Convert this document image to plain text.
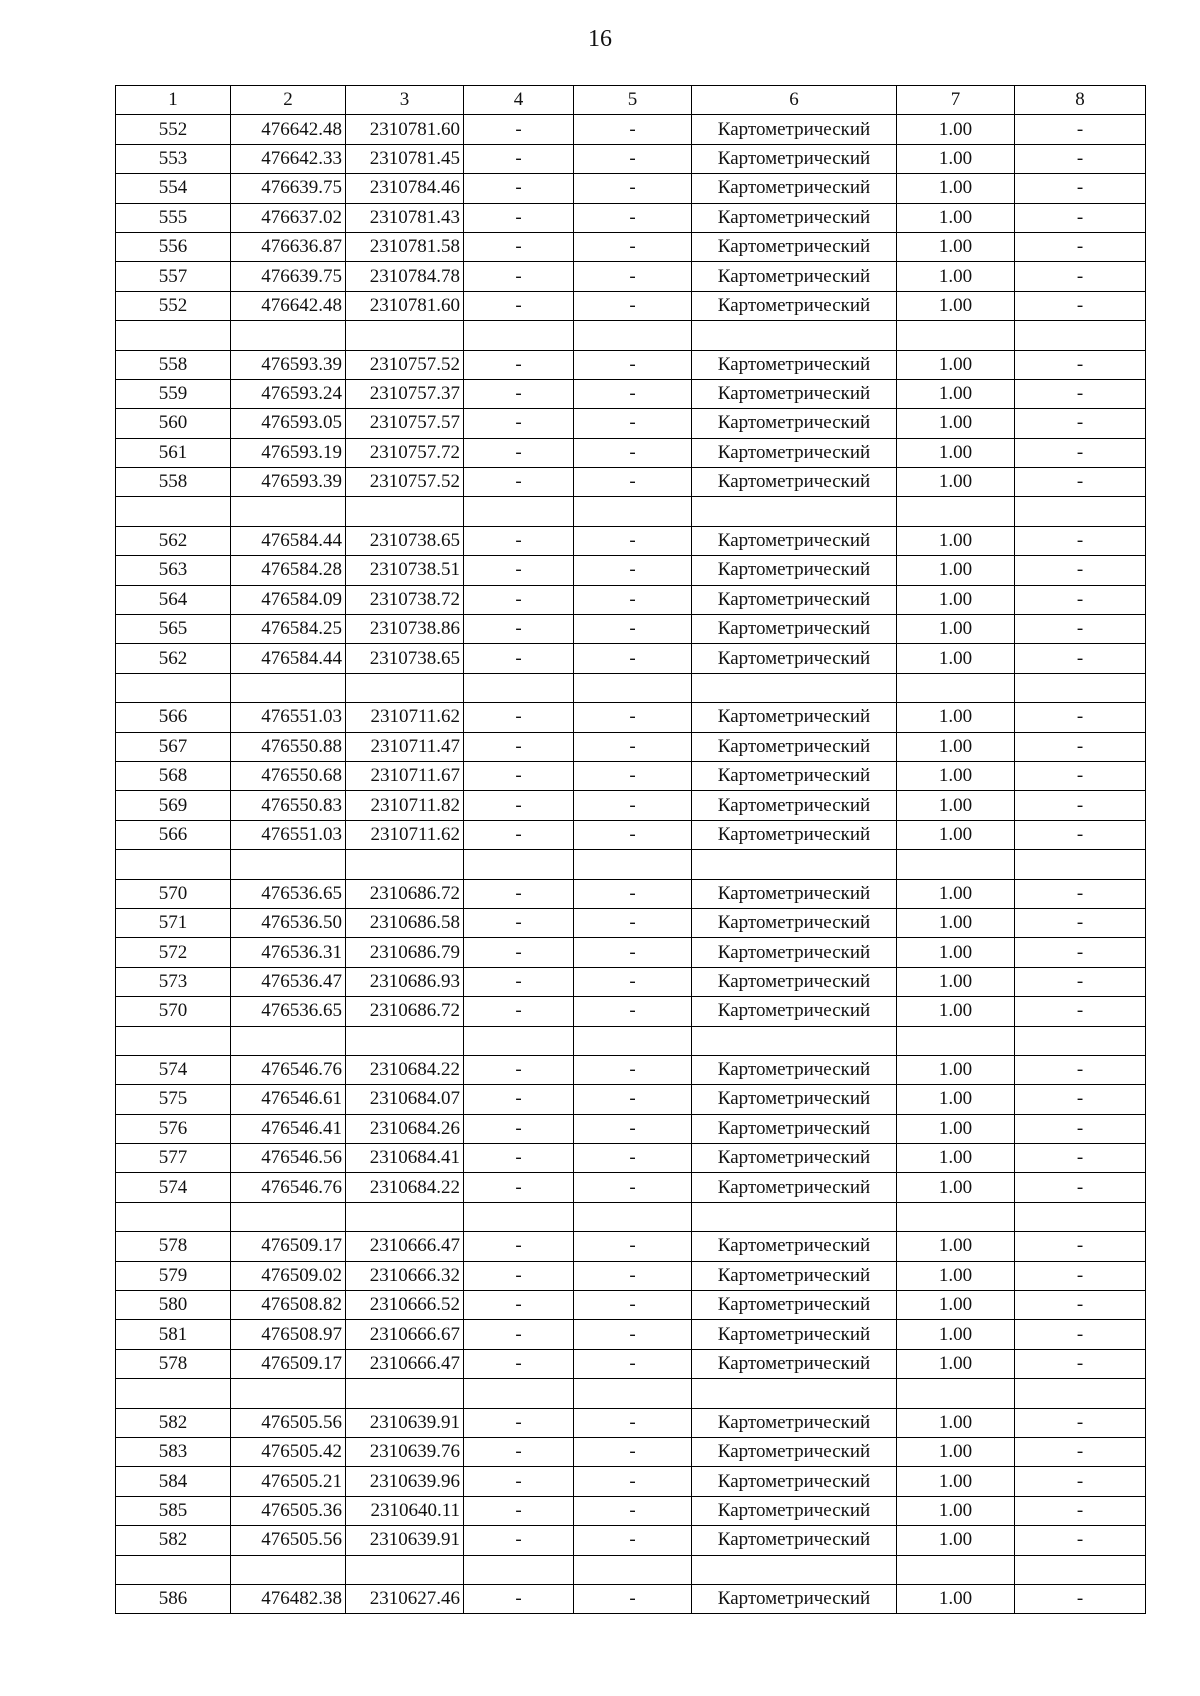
16
1	2	3	4	5	6	7	8
552	476642.48	2310781.60	-	-	Картометрический	1.00	-
553	476642.33	2310781.45	-	-	Картометрический	1.00	-
554	476639.75	2310784.46	-	-	Картометрический	1.00	-
555	476637.02	2310781.43	-	-	Картометрический	1.00	-
556	476636.87	2310781.58	-	-	Картометрический	1.00	-
557	476639.75	2310784.78	-	-	Картометрический	1.00	-
552	476642.48	2310781.60	-	-	Картометрический	1.00	-

558	476593.39	2310757.52	-	-	Картометрический	1.00	-
559	476593.24	2310757.37	-	-	Картометрический	1.00	-
560	476593.05	2310757.57	-	-	Картометрический	1.00	-
561	476593.19	2310757.72	-	-	Картометрический	1.00	-
558	476593.39	2310757.52	-	-	Картометрический	1.00	-

562	476584.44	2310738.65	-	-	Картометрический	1.00	-
563	476584.28	2310738.51	-	-	Картометрический	1.00	-
564	476584.09	2310738.72	-	-	Картометрический	1.00	-
565	476584.25	2310738.86	-	-	Картометрический	1.00	-
562	476584.44	2310738.65	-	-	Картометрический	1.00	-

566	476551.03	2310711.62	-	-	Картометрический	1.00	-
567	476550.88	2310711.47	-	-	Картометрический	1.00	-
568	476550.68	2310711.67	-	-	Картометрический	1.00	-
569	476550.83	2310711.82	-	-	Картометрический	1.00	-
566	476551.03	2310711.62	-	-	Картометрический	1.00	-

570	476536.65	2310686.72	-	-	Картометрический	1.00	-
571	476536.50	2310686.58	-	-	Картометрический	1.00	-
572	476536.31	2310686.79	-	-	Картометрический	1.00	-
573	476536.47	2310686.93	-	-	Картометрический	1.00	-
570	476536.65	2310686.72	-	-	Картометрический	1.00	-

574	476546.76	2310684.22	-	-	Картометрический	1.00	-
575	476546.61	2310684.07	-	-	Картометрический	1.00	-
576	476546.41	2310684.26	-	-	Картометрический	1.00	-
577	476546.56	2310684.41	-	-	Картометрический	1.00	-
574	476546.76	2310684.22	-	-	Картометрический	1.00	-

578	476509.17	2310666.47	-	-	Картометрический	1.00	-
579	476509.02	2310666.32	-	-	Картометрический	1.00	-
580	476508.82	2310666.52	-	-	Картометрический	1.00	-
581	476508.97	2310666.67	-	-	Картометрический	1.00	-
578	476509.17	2310666.47	-	-	Картометрический	1.00	-

582	476505.56	2310639.91	-	-	Картометрический	1.00	-
583	476505.42	2310639.76	-	-	Картометрический	1.00	-
584	476505.21	2310639.96	-	-	Картометрический	1.00	-
585	476505.36	2310640.11	-	-	Картометрический	1.00	-
582	476505.56	2310639.91	-	-	Картометрический	1.00	-

586	476482.38	2310627.46	-	-	Картометрический	1.00	-
